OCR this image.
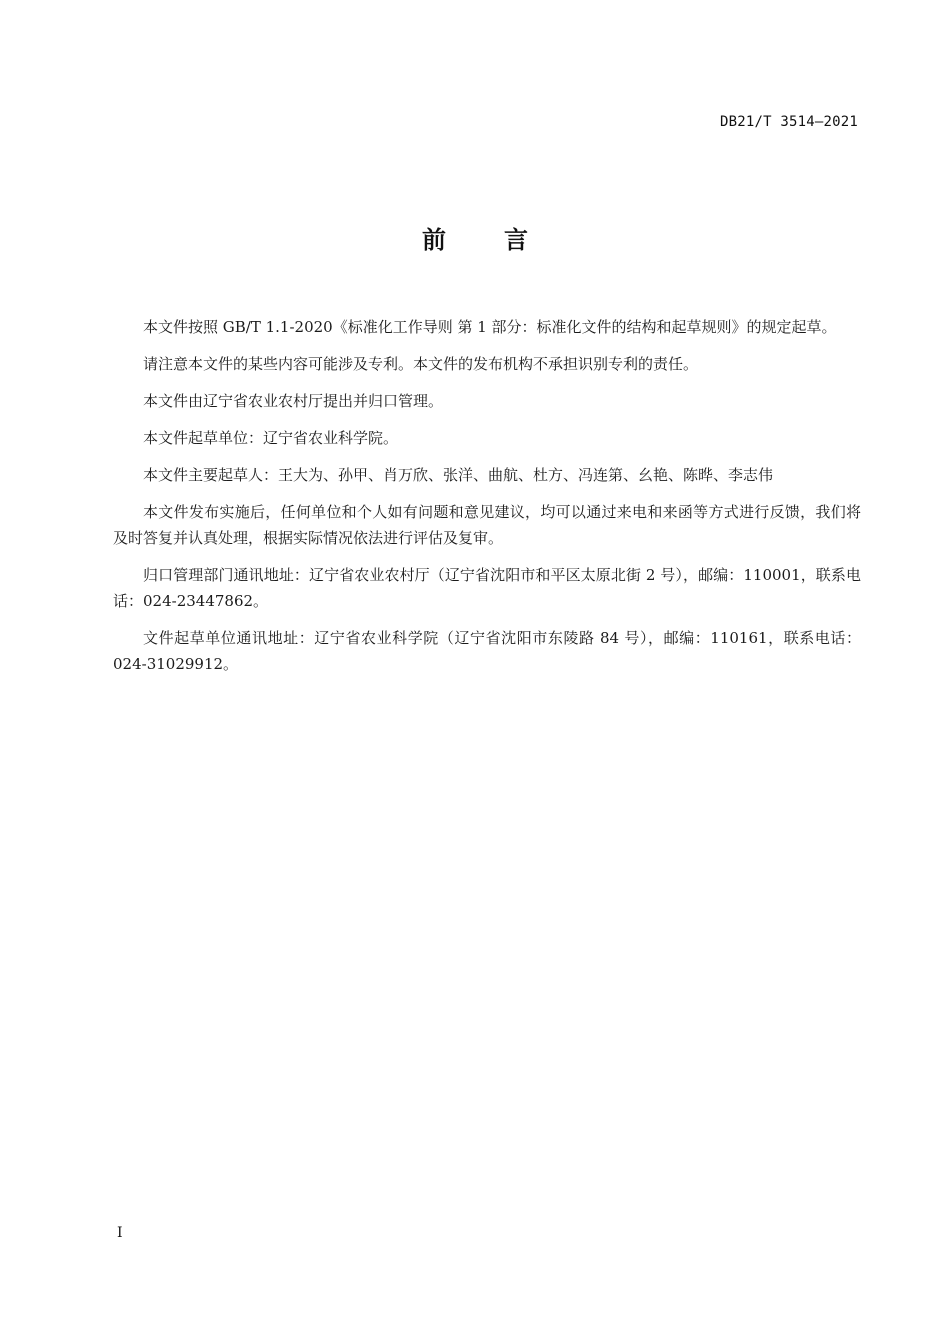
DB21/T 3514—2021
前言

本文件按照 GB/T 1.1-2020《标准化工作导则 第 1 部分：标准化文件的结构和起草规则》的规定起草。

请注意本文件的某些内容可能涉及专利。本文件的发布机构不承担识别专利的责任。

本文件由辽宁省农业农村厅提出并归口管理。

本文件起草单位：辽宁省农业科学院。

本文件主要起草人：王大为、孙甲、肖万欣、张洋、曲航、杜方、冯连第、幺艳、陈晔、李志伟

本文件发布实施后，任何单位和个人如有问题和意见建议，均可以通过来电和来函等方式进行反馈，我们将及时答复并认真处理，根据实际情况依法进行评估及复审。

归口管理部门通讯地址：辽宁省农业农村厅（辽宁省沈阳市和平区太原北街 2 号），邮编：110001，联系电话：024-23447862。

文件起草单位通讯地址：辽宁省农业科学院（辽宁省沈阳市东陵路 84 号），邮编：110161，联系电话：024-31029912。

I
